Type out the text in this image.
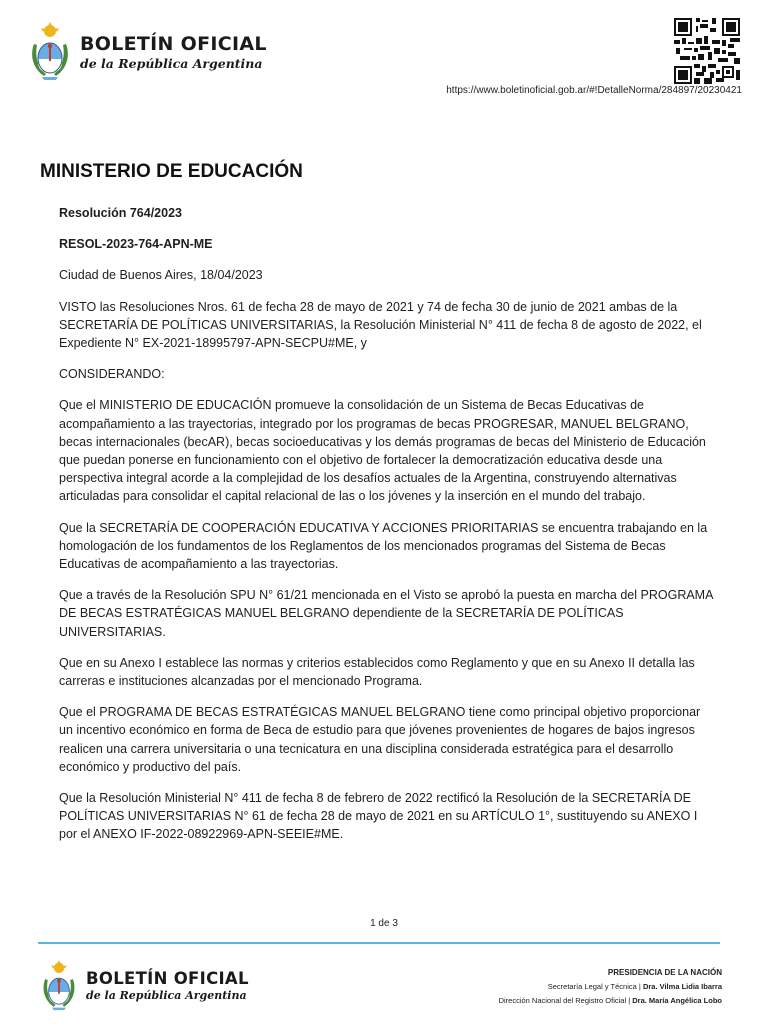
BOLETÍN OFICIAL
de la República Argentina
https://www.boletinoficial.gob.ar/#!DetalleNorma/284897/20230421
MINISTERIO DE EDUCACIÓN

Resolución 764/2023

RESOL-2023-764-APN-ME

Ciudad de Buenos Aires, 18/04/2023

VISTO las Resoluciones Nros. 61 de fecha 28 de mayo de 2021 y 74 de fecha 30 de junio de 2021 ambas de la SECRETARÍA DE POLÍTICAS UNIVERSITARIAS, la Resolución Ministerial N° 411 de fecha 8 de agosto de 2022, el Expediente N° EX-2021-18995797-APN-SECPU#ME, y

CONSIDERANDO:

Que el MINISTERIO DE EDUCACIÓN promueve la consolidación de un Sistema de Becas Educativas de acompañamiento a las trayectorias, integrado por los programas de becas PROGRESAR, MANUEL BELGRANO, becas internacionales (becAR), becas socioeducativas y los demás programas de becas del Ministerio de Educación que puedan ponerse en funcionamiento con el objetivo de fortalecer la democratización educativa desde una perspectiva integral acorde a la complejidad de los desafíos actuales de la Argentina, construyendo alternativas articuladas para consolidar el capital relacional de las o los jóvenes y la inserción en el mundo del trabajo.

Que la SECRETARÍA DE COOPERACIÓN EDUCATIVA Y ACCIONES PRIORITARIAS se encuentra trabajando en la homologación de los fundamentos de los Reglamentos de los mencionados programas del Sistema de Becas Educativas de acompañamiento a las trayectorias.

Que a través de la Resolución SPU N° 61/21 mencionada en el Visto se aprobó la puesta en marcha del PROGRAMA DE BECAS ESTRATÉGICAS MANUEL BELGRANO dependiente de la SECRETARÍA DE POLÍTICAS UNIVERSITARIAS.

Que en su Anexo I establece las normas y criterios establecidos como Reglamento y que en su Anexo II detalla las carreras e instituciones alcanzadas por el mencionado Programa.

Que el PROGRAMA DE BECAS ESTRATÉGICAS MANUEL BELGRANO tiene como principal objetivo proporcionar un incentivo económico en forma de Beca de estudio para que jóvenes provenientes de hogares de bajos ingresos realicen una carrera universitaria o una tecnicatura en una disciplina considerada estratégica para el desarrollo económico y productivo del país.

Que la Resolución Ministerial N° 411 de fecha 8 de febrero de 2022 rectificó la Resolución de la SECRETARÍA DE POLÍTICAS UNIVERSITARIAS N° 61 de fecha 28 de mayo de 2021 en su ARTÍCULO 1°, sustituyendo su ANEXO I por el ANEXO IF-2022-08922969-APN-SEEIE#ME.

1 de 3
BOLETÍN OFICIAL
de la República Argentina
PRESIDENCIA DE LA NACIÓN
Secretaría Legal y Técnica | Dra. Vilma Lidia Ibarra
Dirección Nacional del Registro Oficial | Dra. María Angélica Lobo
